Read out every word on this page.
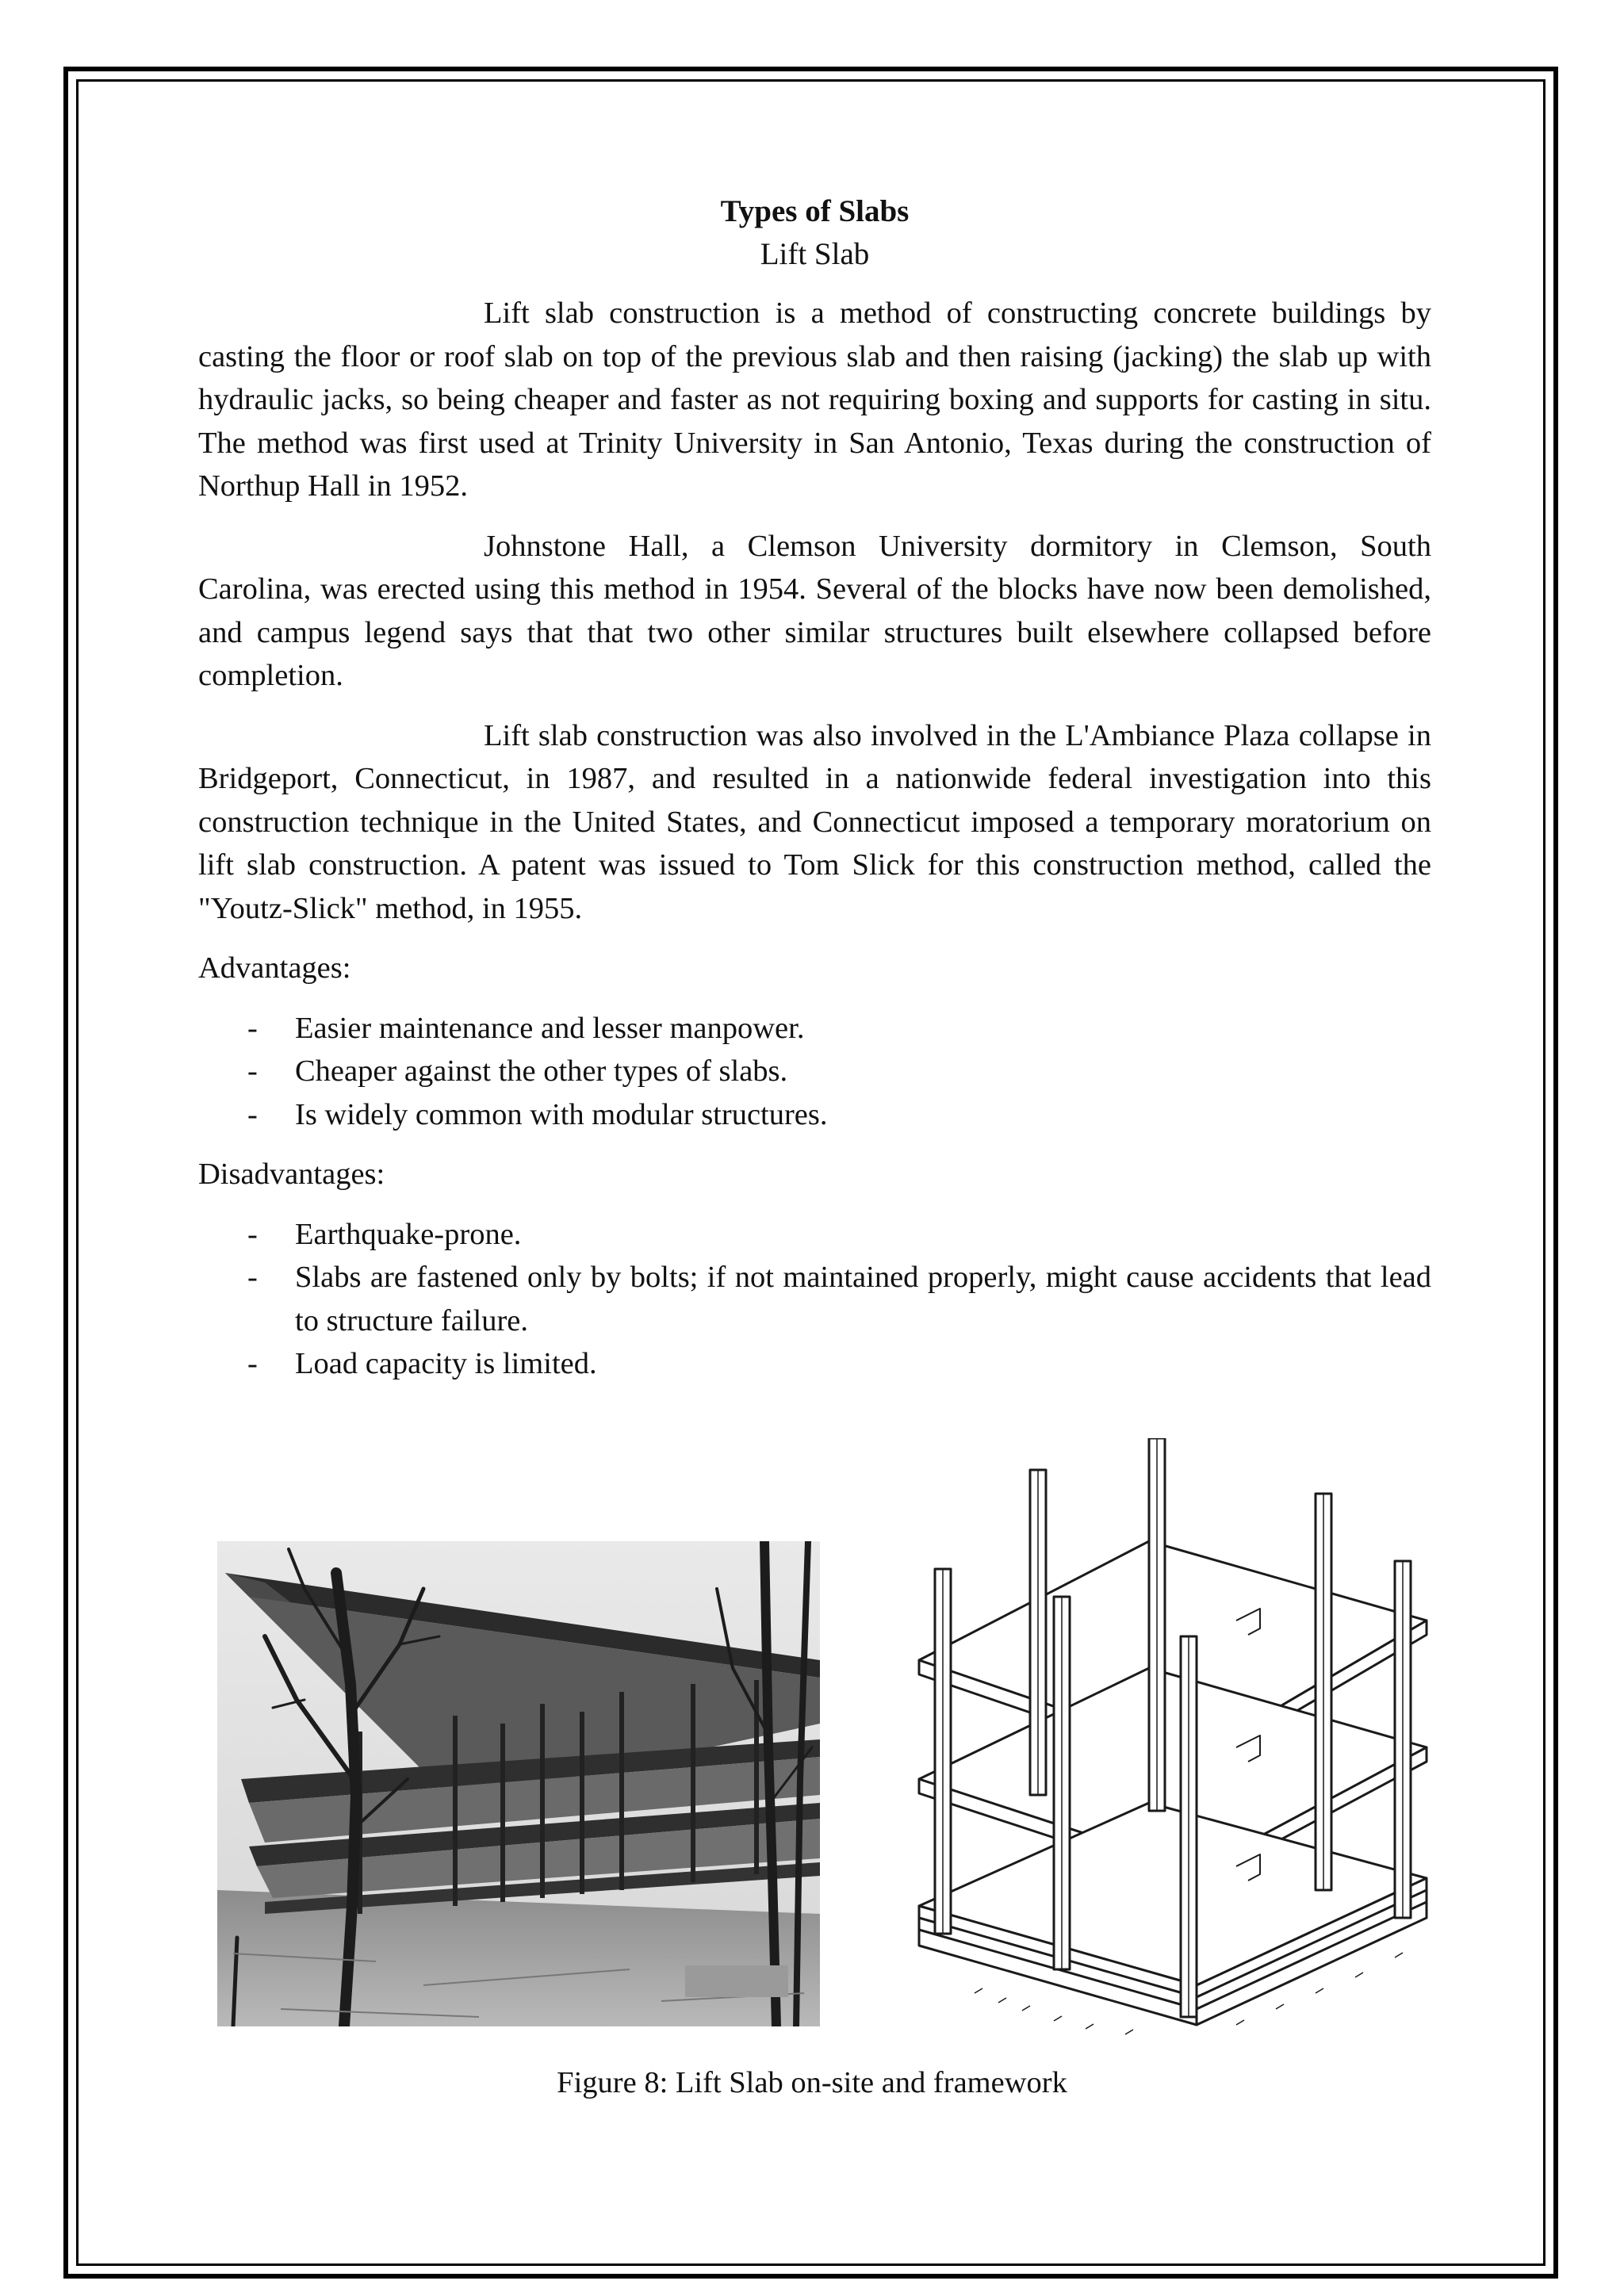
Types of Slabs

Lift Slab

Lift slab construction is a method of constructing concrete buildings by casting the floor or roof slab on top of the previous slab and then raising (jacking) the slab up with hydraulic jacks, so being cheaper and faster as not requiring boxing and supports for casting in situ. The method was first used at Trinity University in San Antonio, Texas during the construction of Northup Hall in 1952.

Johnstone Hall, a Clemson University dormitory in Clemson, South Carolina, was erected using this method in 1954. Several of the blocks have now been demolished, and campus legend says that that two other similar structures built elsewhere collapsed before completion.

Lift slab construction was also involved in the L'Ambiance Plaza collapse in Bridgeport, Connecticut, in 1987, and resulted in a nationwide federal investigation into this construction technique in the United States, and Connecticut imposed a temporary moratorium on lift slab construction. A patent was issued to Tom Slick for this construction method, called the "Youtz-Slick" method, in 1955.

Advantages:

- Easier maintenance and lesser manpower.
- Cheaper against the other types of slabs.
- Is widely common with modular structures.

Disadvantages:

- Earthquake-prone.
- Slabs are fastened only by bolts; if not maintained properly, might cause accidents that lead to structure failure.
- Load capacity is limited.
Figure 8: Lift Slab on-site and framework
